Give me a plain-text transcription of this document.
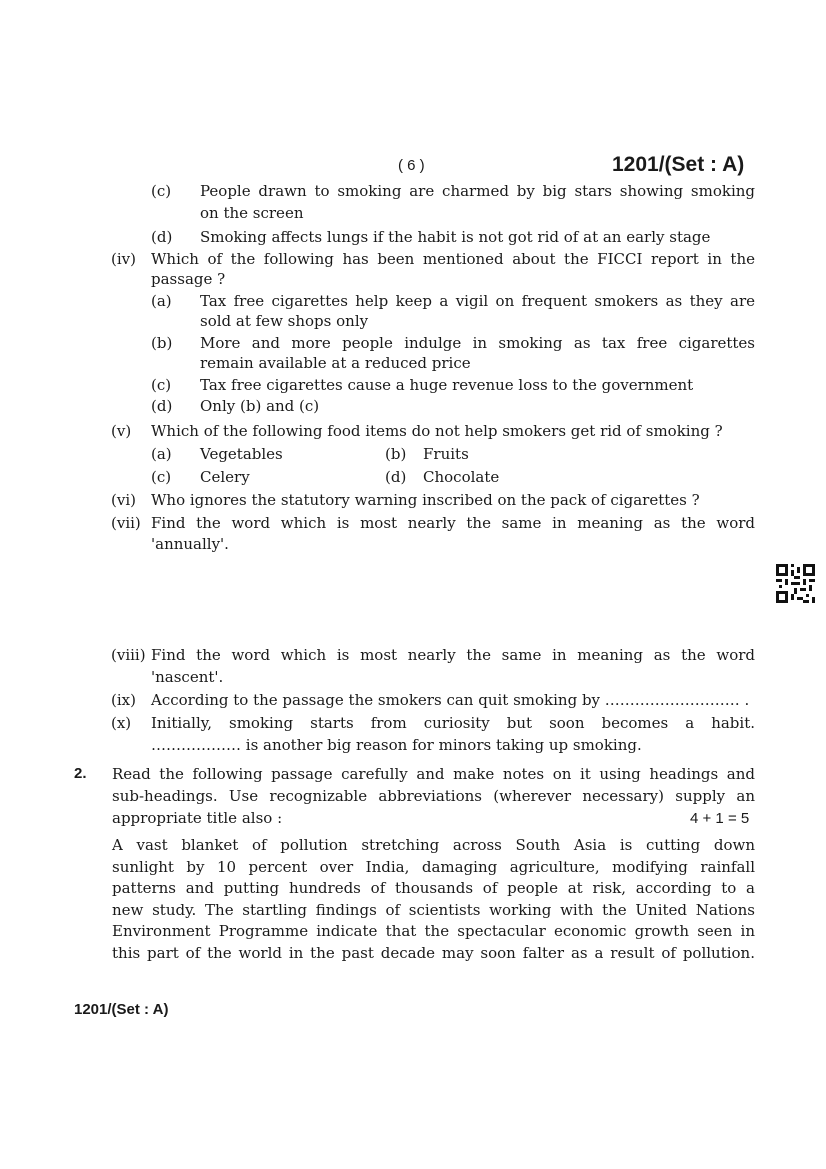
( 6 )	1201/(Set : A)
(c) People drawn to smoking are charmed by big stars showing smoking
on the screen
(d) Smoking affects lungs if the habit is not got rid of at an early stage
(iv) Which of the following has been mentioned about the FICCI report in the
passage ?
(a) Tax free cigarettes help keep a vigil on frequent smokers as they are
sold at few shops only
(b) More and more people indulge in smoking as tax free cigarettes
remain available at a reduced price
(c) Tax free cigarettes cause a huge revenue loss to the government
(d) Only (b) and (c)
(v) Which of the following food items do not help smokers get rid of smoking ?
(a) Vegetables	(b) Fruits
(c) Celery	(d) Chocolate
(vi) Who ignores the statutory warning inscribed on the pack of cigarettes ?
(vii) Find the word which is most nearly the same in meaning as the word
'annually'.
(viii) Find the word which is most nearly the same in meaning as the word
'nascent'.
(ix) According to the passage the smokers can quit smoking by ……………………… .
(x) Initially, smoking starts from curiosity but soon becomes a habit.
……………… is another big reason for minors taking up smoking.
2. Read the following passage carefully and make notes on it using headings and
sub-headings. Use recognizable abbreviations (wherever necessary) supply an
appropriate title also :	4 + 1 = 5
A vast blanket of pollution stretching across South Asia is cutting down
sunlight by 10 percent over India, damaging agriculture, modifying rainfall
patterns and putting hundreds of thousands of people at risk, according to a
new study. The startling findings of scientists working with the United Nations
Environment Programme indicate that the spectacular economic growth seen in
this part of the world in the past decade may soon falter as a result of pollution.
1201/(Set : A)
